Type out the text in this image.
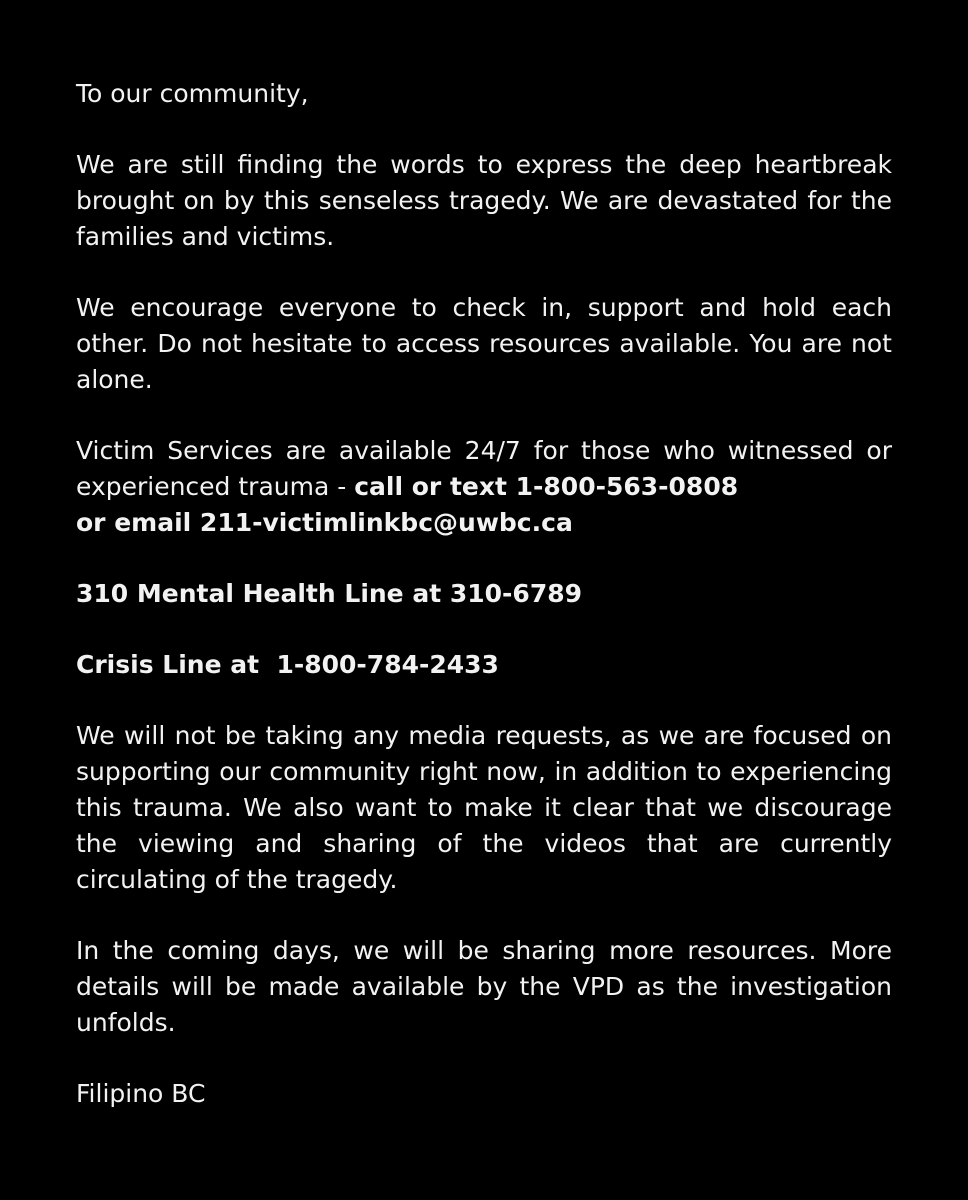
To our community,

We are still finding the words to express the deep heartbreak brought on by this senseless tragedy. We are devastated for the families and victims.

We encourage everyone to check in, support and hold each other. Do not hesitate to access resources available. You are not alone.

Victim Services are available 24/7 for those who witnessed or experienced trauma - call or text 1-800-563-0808
or email 211-victimlinkbc@uwbc.ca

310 Mental Health Line at 310-6789

Crisis Line at  1-800-784-2433

We will not be taking any media requests, as we are focused on supporting our community right now, in addition to experiencing this trauma. We also want to make it clear that we discourage the viewing and sharing of the videos that are currently circulating of the tragedy.

In the coming days, we will be sharing more resources. More details will be made available by the VPD as the investigation unfolds.

Filipino BC
